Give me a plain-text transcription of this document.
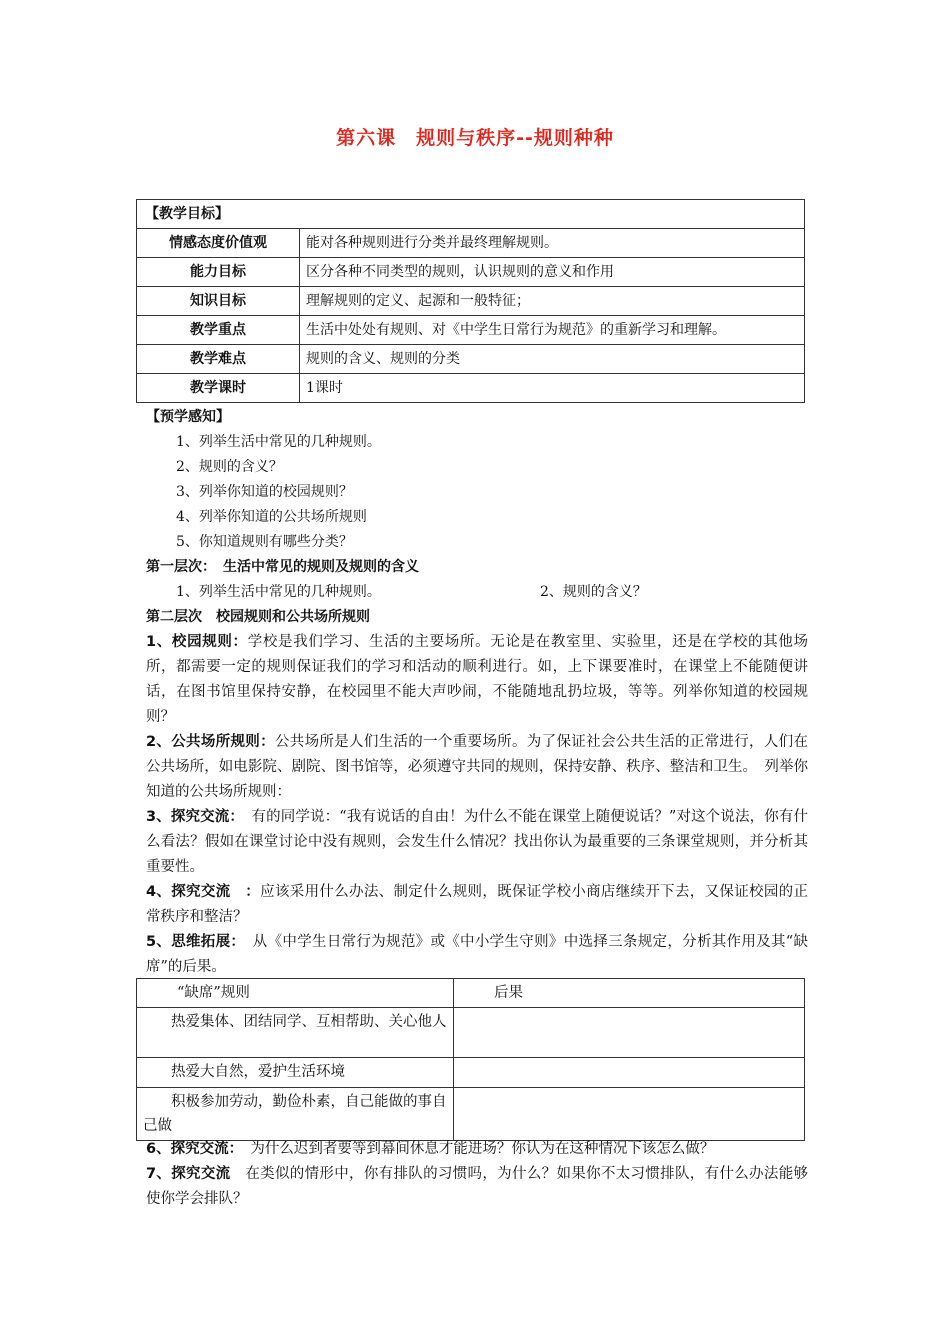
第六课　规则与秩序--规则种种
【教学目标】	
情感态度价值观	能对各种规则进行分类并最终理解规则。
能力目标	区分各种不同类型的规则，认识规则的意义和作用
知识目标	理解规则的定义、起源和一般特征；
教学重点	生活中处处有规则、对《中学生日常行为规范》的重新学习和理解。
教学难点	规则的含义、规则的分类
教学课时	1课时
【预学感知】
1、列举生活中常见的几种规则。
2、规则的含义？
3、列举你知道的校园规则？
4、列举你知道的公共场所规则
5、你知道规则有哪些分类？
第一层次：　生活中常见的规则及规则的含义
1、列举生活中常见的几种规则。	2、规则的含义？
第二层次　校园规则和公共场所规则
1、校园规则：学校是我们学习、生活的主要场所。无论是在教室里、实验里，还是在学校的其他场所，都需要一定的规则保证我们的学习和活动的顺利进行。如，上下课要准时，在课堂上不能随便讲话，在图书馆里保持安静，在校园里不能大声吵闹，不能随地乱扔垃圾，等等。列举你知道的校园规则？
2、公共场所规则：公共场所是人们生活的一个重要场所。为了保证社会公共生活的正常进行，人们在公共场所，如电影院、剧院、图书馆等，必须遵守共同的规则，保持安静、秩序、整洁和卫生。　列举你知道的公共场所规则：
3、探究交流：　有的同学说：“我有说话的自由！为什么不能在课堂上随便说话？”对这个说法，你有什么看法？假如在课堂讨论中没有规则，会发生什么情况？找出你认为最重要的三条课堂规则，并分析其重要性。
4、探究交流　：应该采用什么办法、制定什么规则，既保证学校小商店继续开下去，又保证校园的正常秩序和整洁？
5、思维拓展：　从《中学生日常行为规范》或《中小学生守则》中选择三条规定，分析其作用及其“缺席”的后果。
“缺席”规则	后果
热爱集体、团结同学、互相帮助、关心他人	
热爱大自然，爱护生活环境	
积极参加劳动，勤俭朴素，自己能做的事自己做	
6、探究交流：　为什么迟到者要等到幕间休息才能进场？你认为在这种情况下该怎么做？
7、探究交流　在类似的情形中，你有排队的习惯吗，为什么？如果你不太习惯排队，有什么办法能够使你学会排队？
